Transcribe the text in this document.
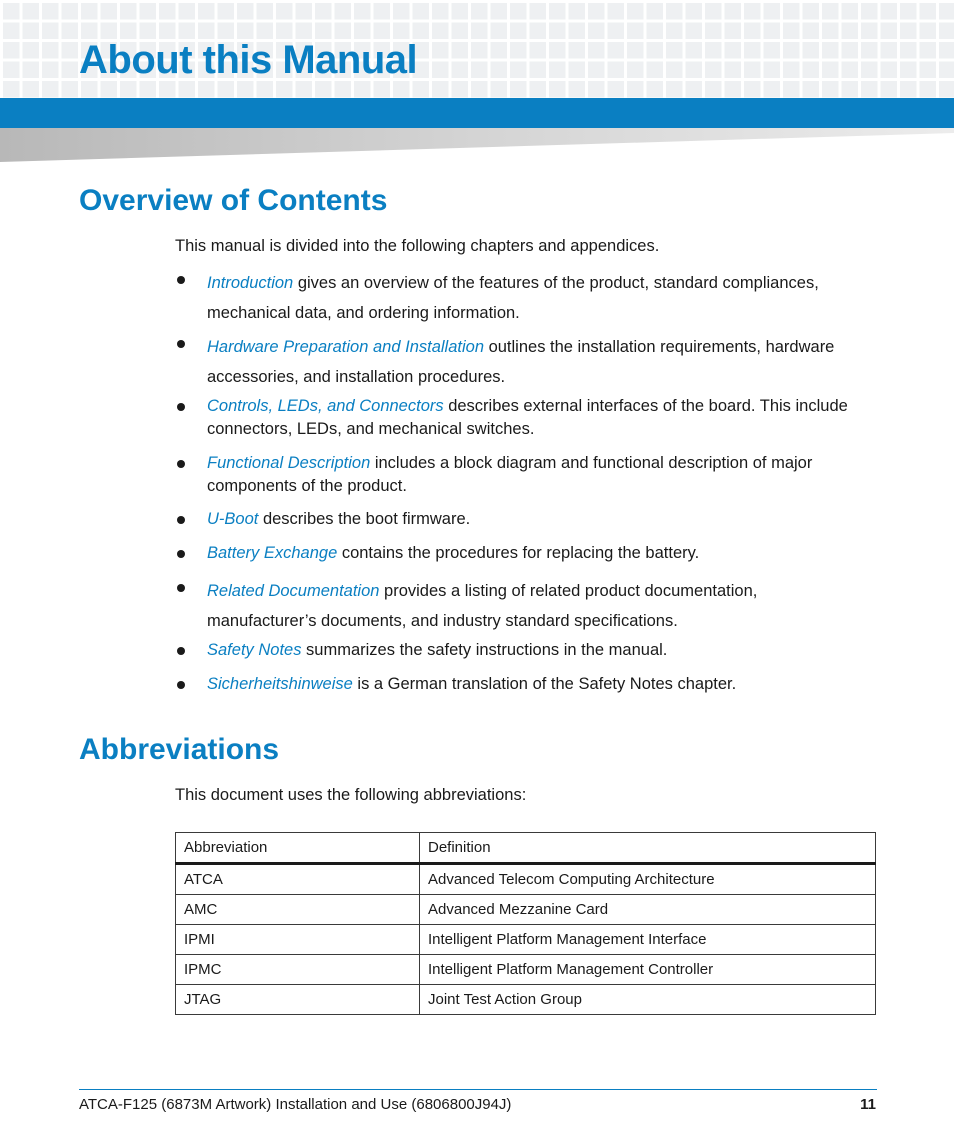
About this Manual
Overview of Contents

This manual is divided into the following chapters and appendices.

Introduction gives an overview of the features of the product, standard compliances,
mechanical data, and ordering information.
Hardware Preparation and Installation outlines the installation requirements, hardware
accessories, and installation procedures.
Controls, LEDs, and Connectors describes external interfaces of the board. This include
connectors, LEDs, and mechanical switches.
Functional Description includes a block diagram and functional description of major
components of the product.
U-Boot describes the boot firmware.
Battery Exchange contains the procedures for replacing the battery.
Related Documentation provides a listing of related product documentation,
manufacturer’s documents, and industry standard specifications.
Safety Notes summarizes the safety instructions in the manual.
Sicherheitshinweise is a German translation of the Safety Notes chapter.
Abbreviations

This document uses the following abbreviations:

Abbreviation	Definition
ATCA	Advanced Telecom Computing Architecture
AMC	Advanced Mezzanine Card
IPMI	Intelligent Platform Management Interface
IPMC	Intelligent Platform Management Controller
JTAG	Joint Test Action Group
ATCA-F125 (6873M Artwork) Installation and Use (6806800J94J)	11
